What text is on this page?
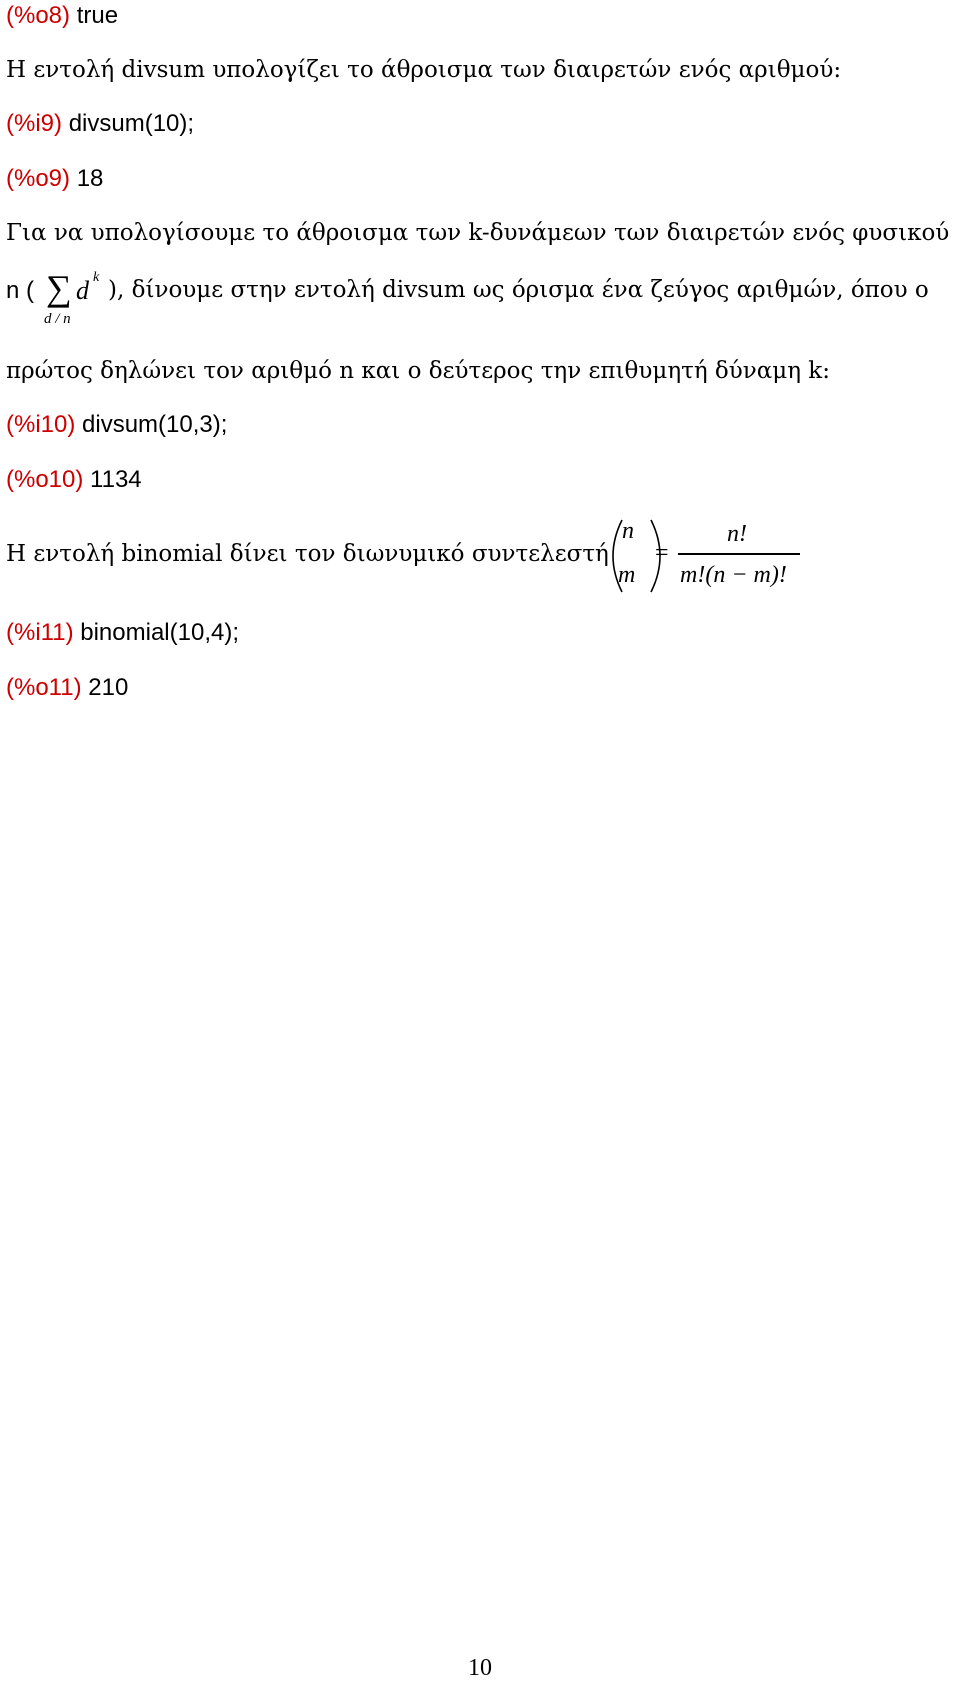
(%o8) true
Η εντολή divsum υπολογίζει το άθροισμα των διαιρετών ενός αριθμού:
(%i9) divsum(10);
(%o9) 18
Για να υπολογίσουμε το άθροισμα των k-δυνάμεων των διαιρετών ενός φυσικού
n ( ∑ d k
d / n
), δίνουμε στην εντολή divsum ως όρισμα ένα ζεύγος αριθμών, όπου ο
πρώτος δηλώνει τον αριθμό n και ο δεύτερος την επιθυμητή δύναμη k:
(%i10) divsum(10,3);
(%o10) 1134
Η εντολή binomial δίνει τον διωνυμικό συντελεστή
n
m
=
n!
m!(n − m)!
(%i11) binomial(10,4);
(%o11) 210
10
